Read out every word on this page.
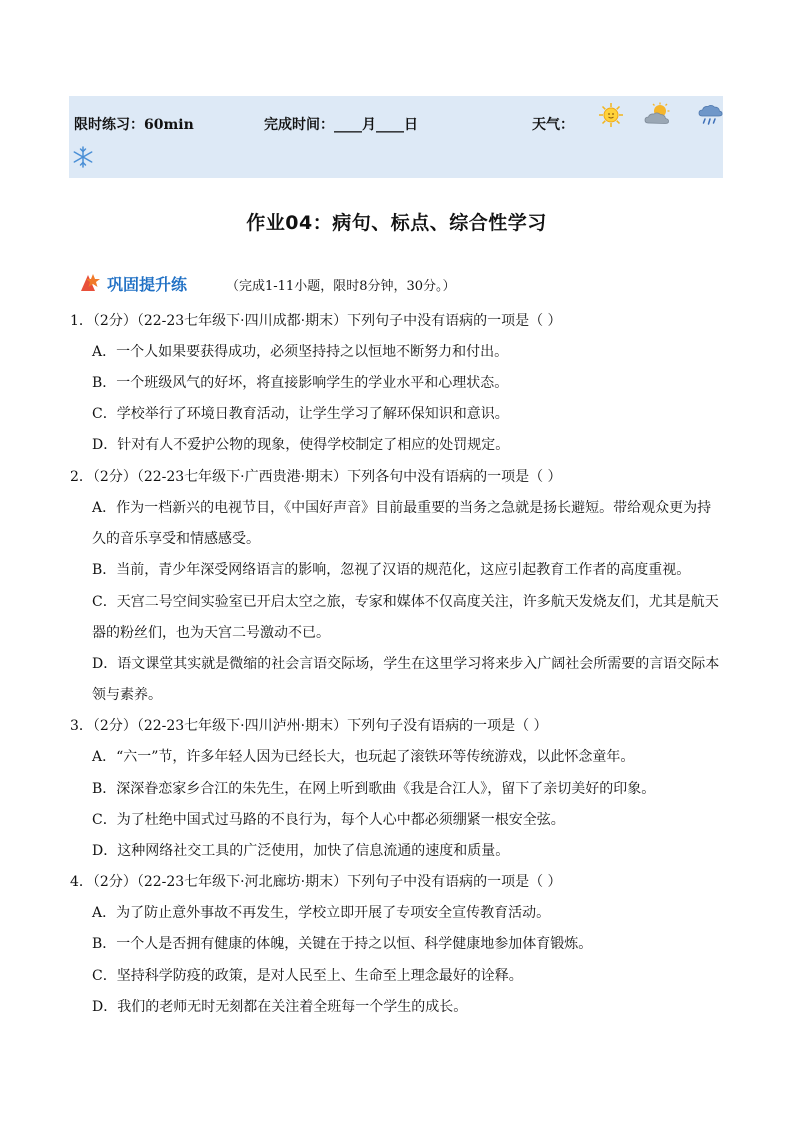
限时练习：60min	完成时间：____月____日	天气：
作业04：病句、标点、综合性学习
巩固提升练	（完成1-11小题，限时8分钟，30分。）
1．（2分）（22-23七年级下·四川成都·期末）下列句子中没有语病的一项是（ ）
A．一个人如果要获得成功，必须坚持持之以恒地不断努力和付出。
B．一个班级风气的好坏，将直接影响学生的学业水平和心理状态。
C．学校举行了环境日教育活动，让学生学习了解环保知识和意识。
D．针对有人不爱护公物的现象，使得学校制定了相应的处罚规定。
2．（2分）（22-23七年级下·广西贵港·期末）下列各句中没有语病的一项是（ ）
A．作为一档新兴的电视节目，《中国好声音》目前最重要的当务之急就是扬长避短。带给观众更为持
久的音乐享受和情感感受。
B．当前，青少年深受网络语言的影响，忽视了汉语的规范化，这应引起教育工作者的高度重视。
C．天宫二号空间实验室已开启太空之旅，专家和媒体不仅高度关注，许多航天发烧友们，尤其是航天
器的粉丝们，也为天宫二号激动不已。
D．语文课堂其实就是微缩的社会言语交际场，学生在这里学习将来步入广阔社会所需要的言语交际本
领与素养。
3．（2分）（22-23七年级下·四川泸州·期末）下列句子没有语病的一项是（ ）
A．“六一”节，许多年轻人因为已经长大，也玩起了滚铁环等传统游戏，以此怀念童年。
B．深深眷恋家乡合江的朱先生，在网上听到歌曲《我是合江人》，留下了亲切美好的印象。
C．为了杜绝中国式过马路的不良行为，每个人心中都必须绷紧一根安全弦。
D．这种网络社交工具的广泛使用，加快了信息流通的速度和质量。
4．（2分）（22-23七年级下·河北廊坊·期末）下列句子中没有语病的一项是（ ）
A．为了防止意外事故不再发生，学校立即开展了专项安全宣传教育活动。
B．一个人是否拥有健康的体魄，关键在于持之以恒、科学健康地参加体育锻炼。
C．坚持科学防疫的政策，是对人民至上、生命至上理念最好的诠释。
D．我们的老师无时无刻都在关注着全班每一个学生的成长。
